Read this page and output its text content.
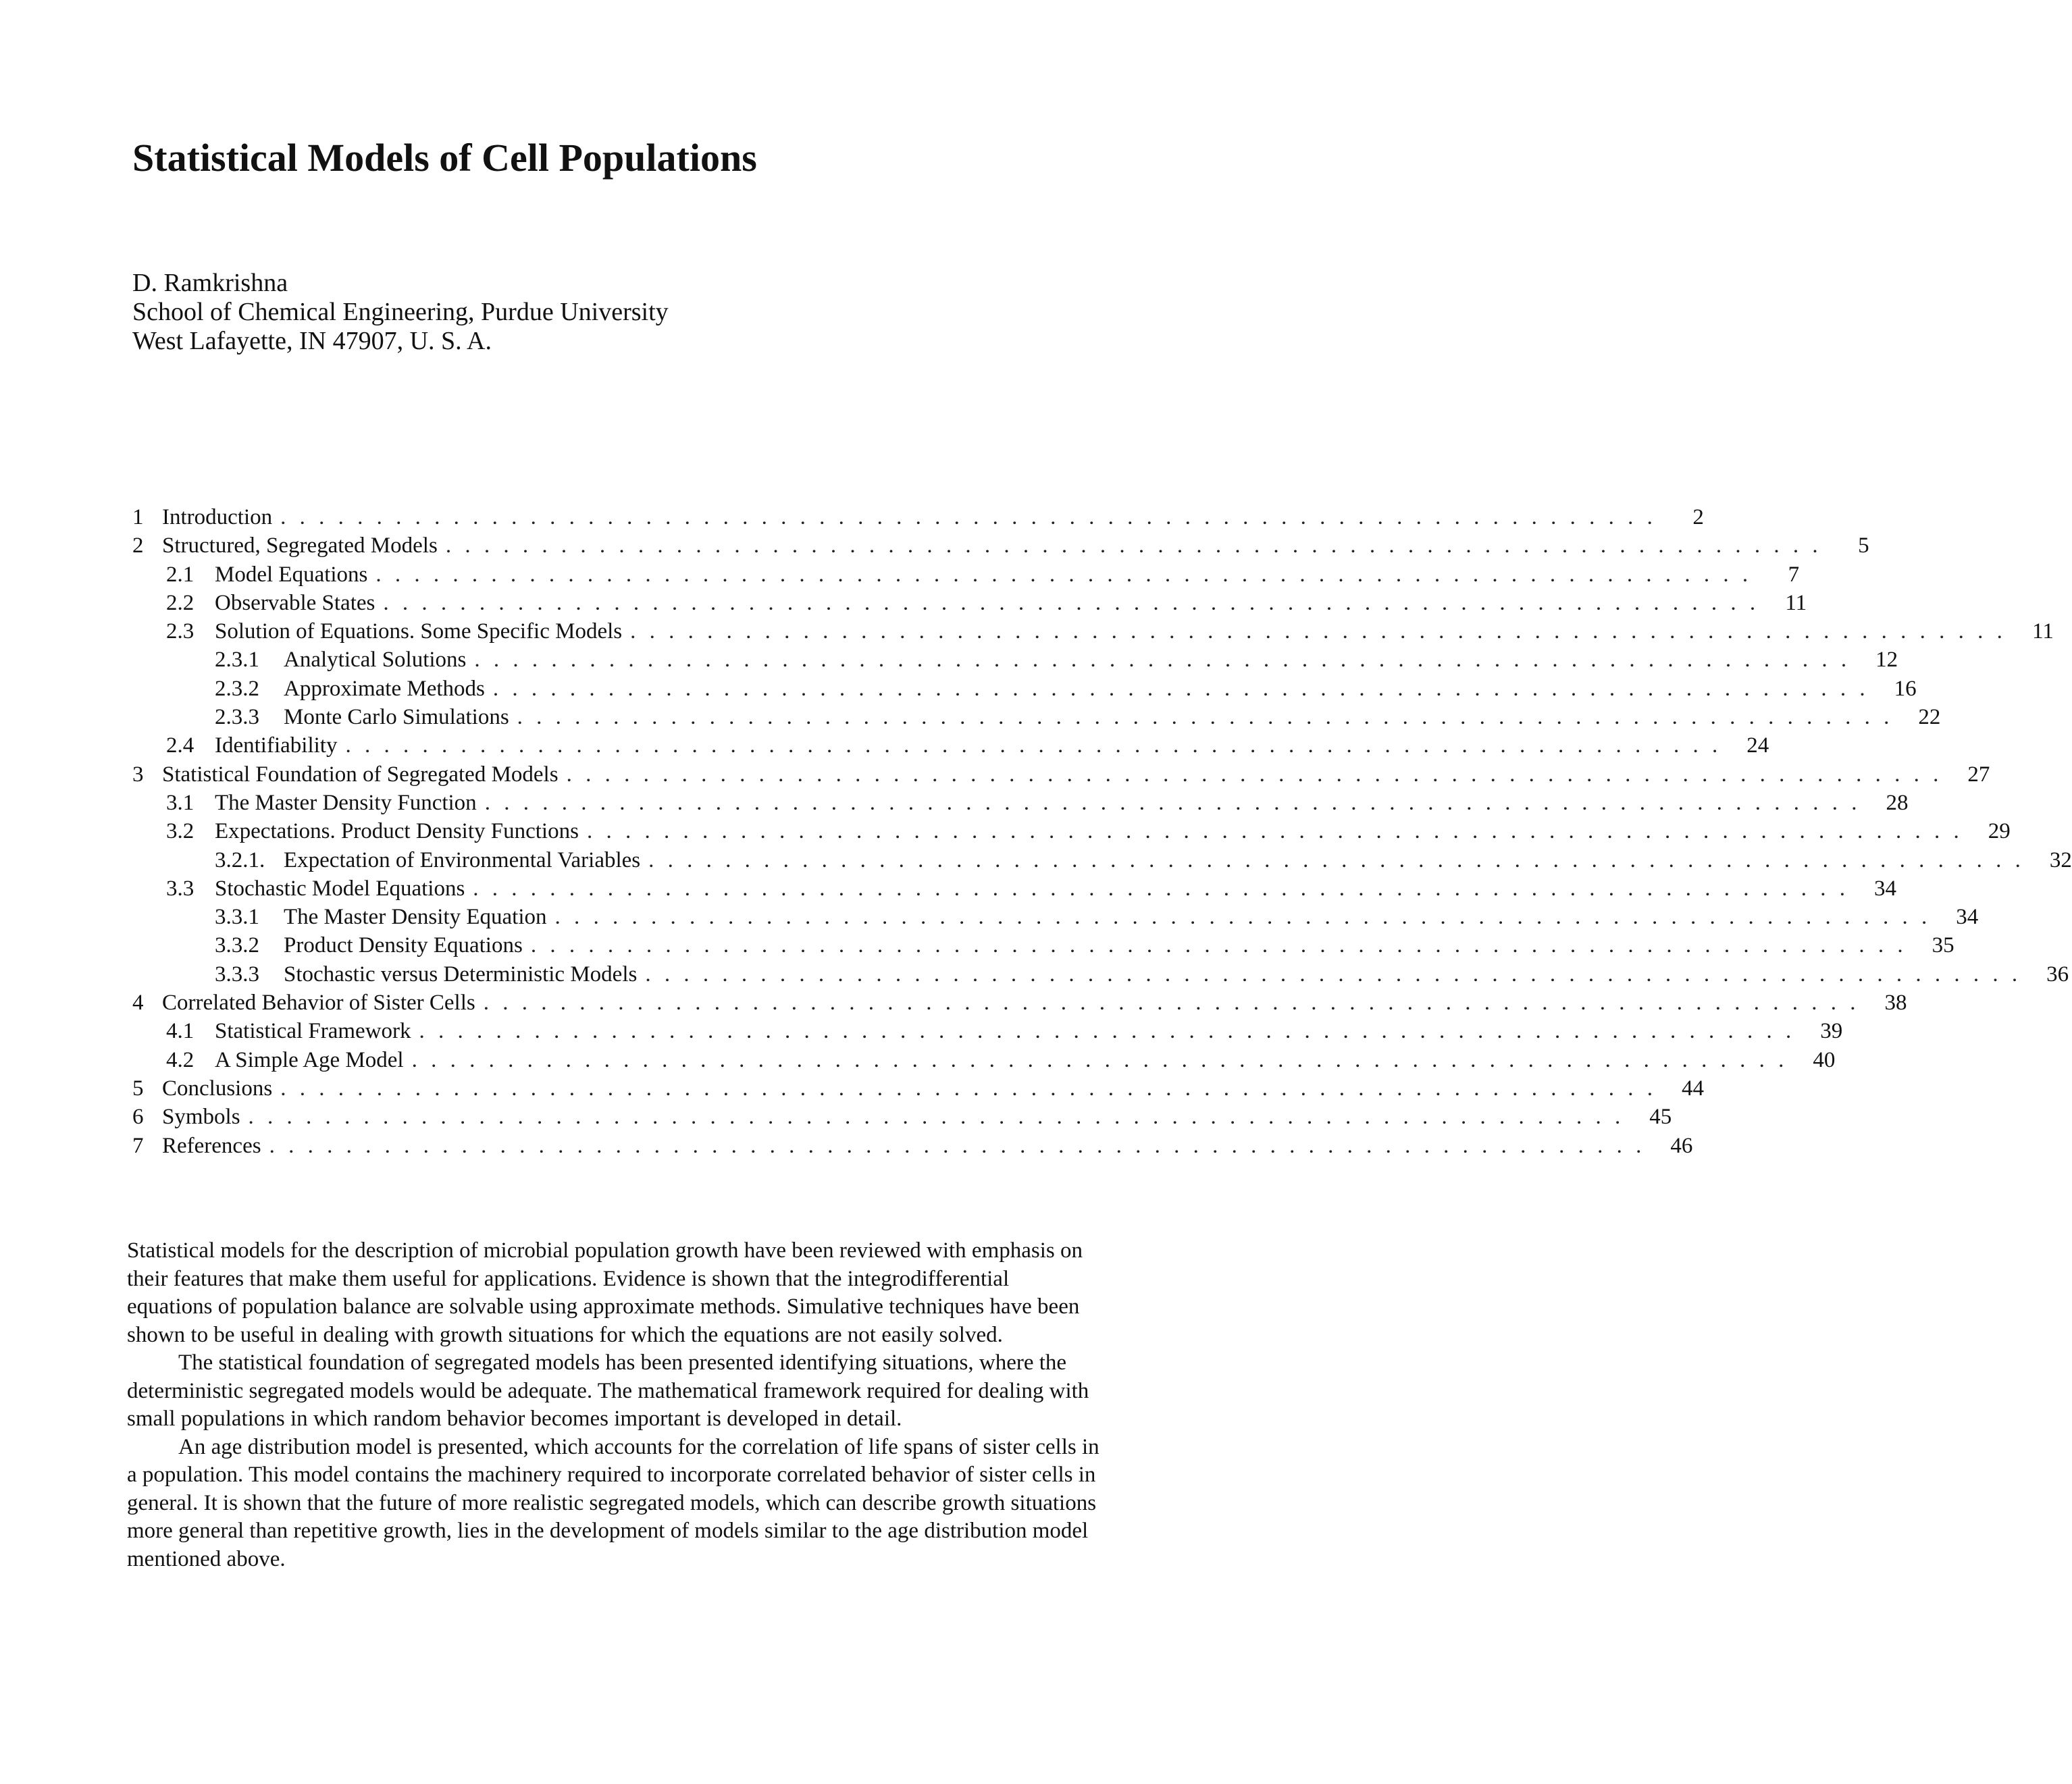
Statistical Models of Cell Populations
D. Ramkrishna
School of Chemical Engineering, Purdue University
West Lafayette, IN 47907, U. S. A.
1 Introduction . . . . . . . . . . . . . . . . . . . . . . . . . . . . . . . . . . . . . . . . . . . . . . . . . . . . . . . . . . . . . . . . . . . . . . . .	2
2 Structured, Segregated Models . . . . . . . . . . . . . . . . . . . . . . . . . . . . . . . . . . . . . . . . . . . . . . . . . . . . . . . . . . . . . . . . . . . . . . . .	5
2.1 Model Equations . . . . . . . . . . . . . . . . . . . . . . . . . . . . . . . . . . . . . . . . . . . . . . . . . . . . . . . . . . . . . . . . . . . . . . . .	7
2.2 Observable States . . . . . . . . . . . . . . . . . . . . . . . . . . . . . . . . . . . . . . . . . . . . . . . . . . . . . . . . . . . . . . . . . . . . . . . .	11
2.3 Solution of Equations. Some Specific Models . . . . . . . . . . . . . . . . . . . . . . . . . . . . . . . . . . . . . . . . . . . . . . . . . . . . . . . . . . . . . . . . . . . . . . . .	11
2.3.1 Analytical Solutions . . . . . . . . . . . . . . . . . . . . . . . . . . . . . . . . . . . . . . . . . . . . . . . . . . . . . . . . . . . . . . . . . . . . . . . .	12
2.3.2 Approximate Methods . . . . . . . . . . . . . . . . . . . . . . . . . . . . . . . . . . . . . . . . . . . . . . . . . . . . . . . . . . . . . . . . . . . . . . . .	16
2.3.3 Monte Carlo Simulations . . . . . . . . . . . . . . . . . . . . . . . . . . . . . . . . . . . . . . . . . . . . . . . . . . . . . . . . . . . . . . . . . . . . . . . .	22
2.4 Identifiability . . . . . . . . . . . . . . . . . . . . . . . . . . . . . . . . . . . . . . . . . . . . . . . . . . . . . . . . . . . . . . . . . . . . . . . .	24
3 Statistical Foundation of Segregated Models . . . . . . . . . . . . . . . . . . . . . . . . . . . . . . . . . . . . . . . . . . . . . . . . . . . . . . . . . . . . . . . . . . . . . . . .	27
3.1 The Master Density Function . . . . . . . . . . . . . . . . . . . . . . . . . . . . . . . . . . . . . . . . . . . . . . . . . . . . . . . . . . . . . . . . . . . . . . . .	28
3.2 Expectations. Product Density Functions . . . . . . . . . . . . . . . . . . . . . . . . . . . . . . . . . . . . . . . . . . . . . . . . . . . . . . . . . . . . . . . . . . . . . . . .	29
3.2.1. Expectation of Environmental Variables . . . . . . . . . . . . . . . . . . . . . . . . . . . . . . . . . . . . . . . . . . . . . . . . . . . . . . . . . . . . . . . . . . . . . . . .	32
3.3 Stochastic Model Equations . . . . . . . . . . . . . . . . . . . . . . . . . . . . . . . . . . . . . . . . . . . . . . . . . . . . . . . . . . . . . . . . . . . . . . . .	34
3.3.1 The Master Density Equation . . . . . . . . . . . . . . . . . . . . . . . . . . . . . . . . . . . . . . . . . . . . . . . . . . . . . . . . . . . . . . . . . . . . . . . .	34
3.3.2 Product Density Equations . . . . . . . . . . . . . . . . . . . . . . . . . . . . . . . . . . . . . . . . . . . . . . . . . . . . . . . . . . . . . . . . . . . . . . . .	35
3.3.3 Stochastic versus Deterministic Models . . . . . . . . . . . . . . . . . . . . . . . . . . . . . . . . . . . . . . . . . . . . . . . . . . . . . . . . . . . . . . . . . . . . . . . .	36
4 Correlated Behavior of Sister Cells . . . . . . . . . . . . . . . . . . . . . . . . . . . . . . . . . . . . . . . . . . . . . . . . . . . . . . . . . . . . . . . . . . . . . . . .	38
4.1 Statistical Framework . . . . . . . . . . . . . . . . . . . . . . . . . . . . . . . . . . . . . . . . . . . . . . . . . . . . . . . . . . . . . . . . . . . . . . . .	39
4.2 A Simple Age Model . . . . . . . . . . . . . . . . . . . . . . . . . . . . . . . . . . . . . . . . . . . . . . . . . . . . . . . . . . . . . . . . . . . . . . . .	40
5 Conclusions . . . . . . . . . . . . . . . . . . . . . . . . . . . . . . . . . . . . . . . . . . . . . . . . . . . . . . . . . . . . . . . . . . . . . . . .	44
6 Symbols . . . . . . . . . . . . . . . . . . . . . . . . . . . . . . . . . . . . . . . . . . . . . . . . . . . . . . . . . . . . . . . . . . . . . . . .	45
7 References . . . . . . . . . . . . . . . . . . . . . . . . . . . . . . . . . . . . . . . . . . . . . . . . . . . . . . . . . . . . . . . . . . . . . . . .	46

Statistical models for the description of microbial population growth have been reviewed with emphasis on their features that make them useful for applications. Evidence is shown that the integrodifferential equations of population balance are solvable using approximate methods. Simulative techniques have been shown to be useful in dealing with growth situations for which the equations are not easily solved.

The statistical foundation of segregated models has been presented identifying situations, where the deterministic segregated models would be adequate. The mathematical framework required for dealing with small populations in which random behavior becomes important is developed in detail.

An age distribution model is presented, which accounts for the correlation of life spans of sister cells in a population. This model contains the machinery required to incorporate correlated behavior of sister cells in general. It is shown that the future of more realistic segregated models, which can describe growth situations more general than repetitive growth, lies in the development of models similar to the age distribution model mentioned above.
